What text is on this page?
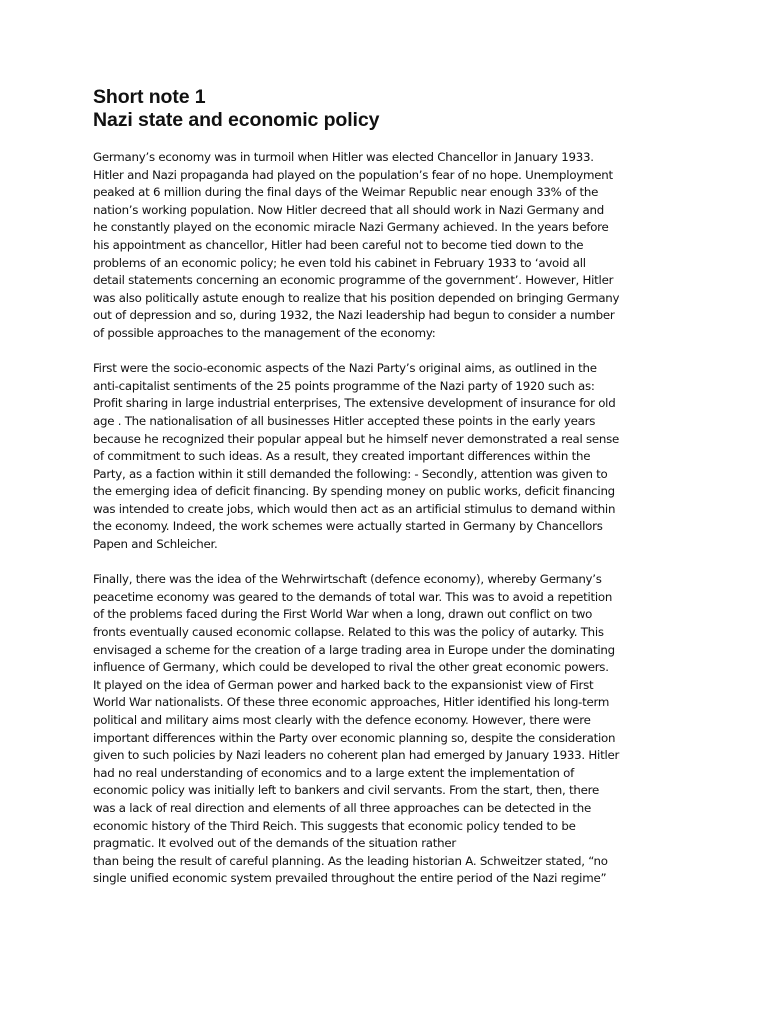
Short note 1
Nazi state and economic policy
Germany’s economy was in turmoil when Hitler was elected Chancellor in January 1933.
Hitler and Nazi propaganda had played on the population’s fear of no hope. Unemployment
peaked at 6 million during the final days of the Weimar Republic near enough 33% of the
nation’s working population. Now Hitler decreed that all should work in Nazi Germany and
he constantly played on the economic miracle Nazi Germany achieved. In the years before
his appointment as chancellor, Hitler had been careful not to become tied down to the
problems of an economic policy; he even told his cabinet in February 1933 to ‘avoid all
detail statements concerning an economic programme of the government’. However, Hitler
was also politically astute enough to realize that his position depended on bringing Germany
out of depression and so, during 1932, the Nazi leadership had begun to consider a number
of possible approaches to the management of the economy:
First were the socio-economic aspects of the Nazi Party’s original aims, as outlined in the
anti-capitalist sentiments of the 25 points programme of the Nazi party of 1920 such as:
Profit sharing in large industrial enterprises, The extensive development of insurance for old
age . The nationalisation of all businesses Hitler accepted these points in the early years
because he recognized their popular appeal but he himself never demonstrated a real sense
of commitment to such ideas. As a result, they created important differences within the
Party, as a faction within it still demanded the following: - Secondly, attention was given to
the emerging idea of deficit financing. By spending money on public works, deficit financing
was intended to create jobs, which would then act as an artificial stimulus to demand within
the economy. Indeed, the work schemes were actually started in Germany by Chancellors
Papen and Schleicher.
Finally, there was the idea of the Wehrwirtschaft (defence economy), whereby Germany’s
peacetime economy was geared to the demands of total war. This was to avoid a repetition
of the problems faced during the First World War when a long, drawn out conflict on two
fronts eventually caused economic collapse. Related to this was the policy of autarky. This
envisaged a scheme for the creation of a large trading area in Europe under the dominating
influence of Germany, which could be developed to rival the other great economic powers.
It played on the idea of German power and harked back to the expansionist view of First
World War nationalists. Of these three economic approaches, Hitler identified his long-term
political and military aims most clearly with the defence economy. However, there were
important differences within the Party over economic planning so, despite the consideration
given to such policies by Nazi leaders no coherent plan had emerged by January 1933. Hitler
had no real understanding of economics and to a large extent the implementation of
economic policy was initially left to bankers and civil servants. From the start, then, there
was a lack of real direction and elements of all three approaches can be detected in the
economic history of the Third Reich. This suggests that economic policy tended to be
pragmatic. It evolved out of the demands of the situation rather
than being the result of careful planning. As the leading historian A. Schweitzer stated, “no
single unified economic system prevailed throughout the entire period of the Nazi regime”
